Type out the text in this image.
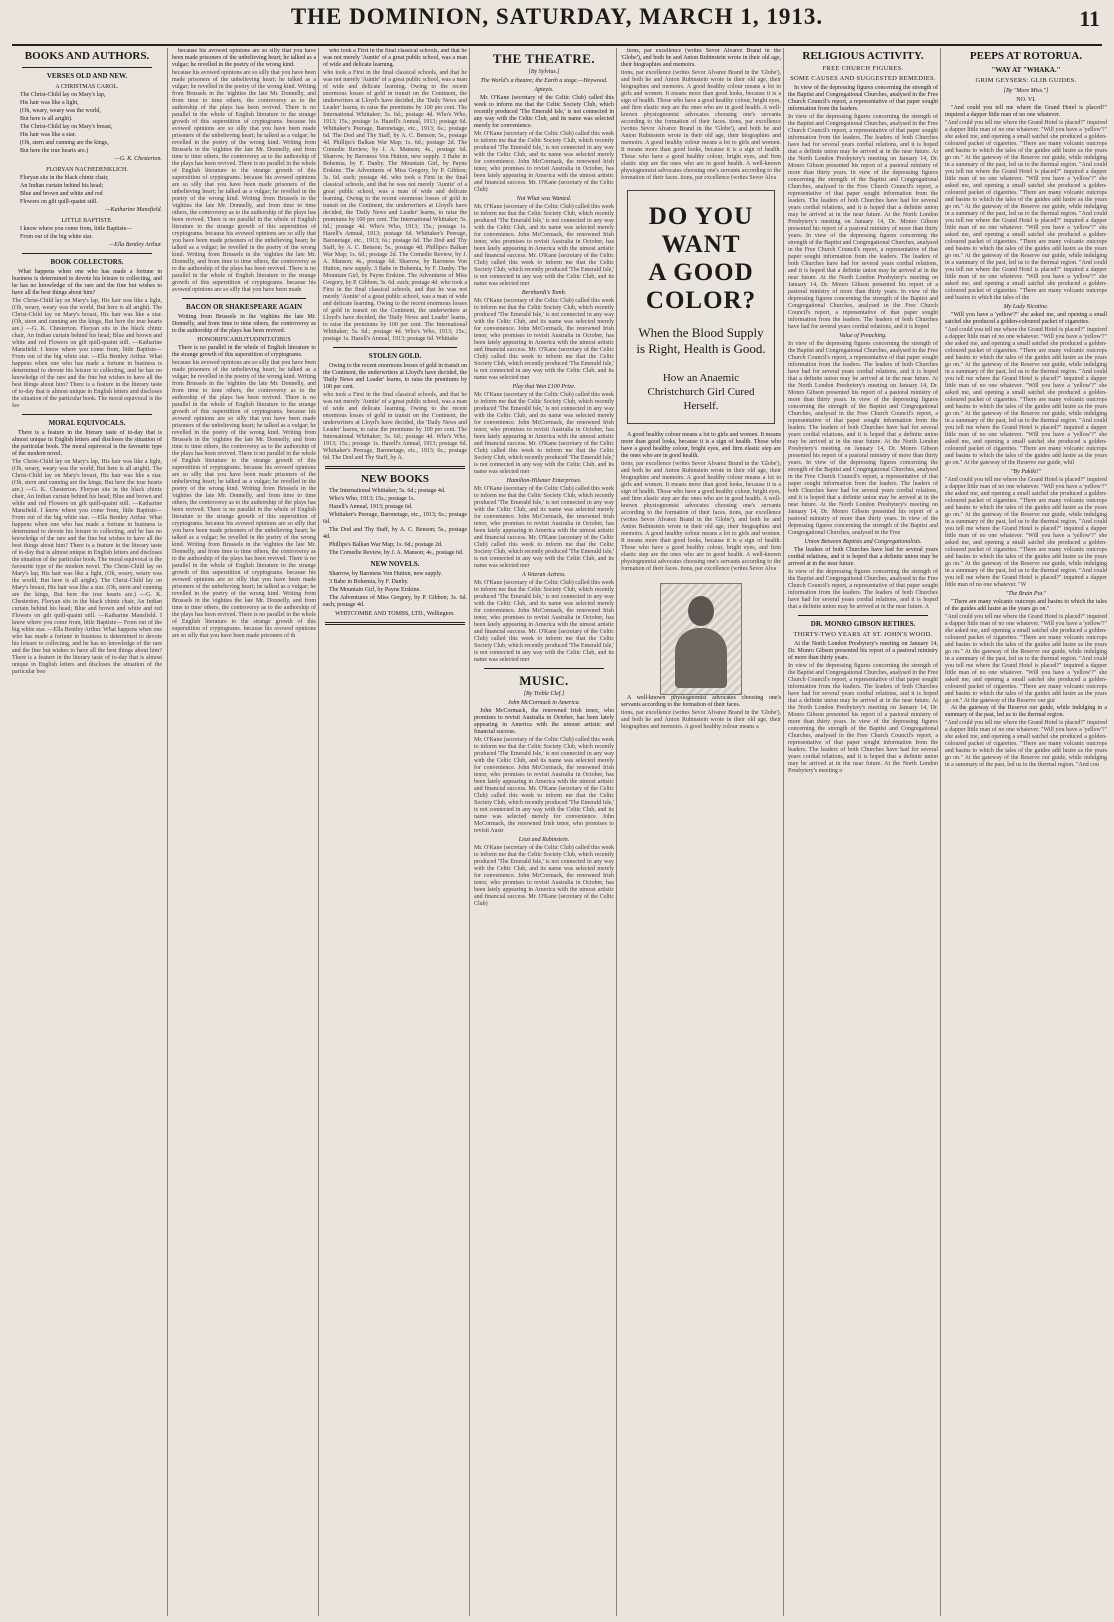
THE DOMINION, SATURDAY, MARCH 1, 1913.	11
BOOKS AND AUTHORS.
VERSES OLD AND NEW.
A CHRISTMAS CAROL.

The Christ-Child lay on Mary's lap,

His hair was like a light,

(Oh, weary, weary was the world,

But here is all aright).

The Christ-Child lay on Mary's breast,

His hair was like a star.

(Oh, stern and cunning are the kings,

But here the true hearts are.)

—G. K. Chesterton.

FLORYAN NACHEDENKLICH.

Floryan sits in the black chintz chair,

An Indian curtain behind his head;

Blue and brown and white and red

Flowers on gilt quill-quaint still.

—Katharine Mansfield.

LITTLE BAPTISTE.

I know where you come from, little Baptiste—

From out of the big white star.

—Ella Bentley Arthur.

BOOK COLLECTORS.

What happens when one who has made a fortune in business is determined to devote his leisure to collecting, and he has no knowledge of the rare and the fine but wishes to have all the best things about him?

The Christ-Child lay on Mary's lap, His hair was like a light, (Oh, weary, weary was the world, But here is all aright). The Christ-Child lay on Mary's breast, His hair was like a star. (Oh, stern and cunning are the kings, But here the true hearts are.) —G. K. Chesterton. Floryan sits in the black chintz chair, An Indian curtain behind his head; Blue and brown and white and red Flowers on gilt quill-quaint still. —Katharine Mansfield. I know where you come from, little Baptiste— From out of the big white star. —Ella Bentley Arthur. What happens when one who has made a fortune in business is determined to devote his leisure to collecting, and he has no knowledge of the rare and the fine but wishes to have all the best things about him? There is a feature in the literary taste of to-day that is almost unique in English letters and discloses the situation of the particular book. The moral equivocal is the fav
MORAL EQUIVOCALS.

There is a feature in the literary taste of to-day that is almost unique in English letters and discloses the situation of the particular book. The moral equivocal is the favourite type of the modern novel.

The Christ-Child lay on Mary's lap, His hair was like a light, (Oh, weary, weary was the world, But here is all aright). The Christ-Child lay on Mary's breast, His hair was like a star. (Oh, stern and cunning are the kings, But here the true hearts are.) —G. K. Chesterton. Floryan sits in the black chintz chair, An Indian curtain behind his head; Blue and brown and white and red Flowers on gilt quill-quaint still. —Katharine Mansfield. I know where you come from, little Baptiste— From out of the big white star. —Ella Bentley Arthur. What happens when one who has made a fortune in business is determined to devote his leisure to collecting, and he has no knowledge of the rare and the fine but wishes to have all the best things about him? There is a feature in the literary taste of to-day that is almost unique in English letters and discloses the situation of the particular book. The moral equivocal is the favourite type of the modern novel. The Christ-Child lay on Mary's lap, His hair was like a light, (Oh, weary, weary was the world, But here is all aright). The Christ-Child lay on Mary's breast, His hair was like a star. (Oh, stern and cunning are the kings, But here the true hearts are.) —G. K. Chesterton. Floryan sits in the black chintz chair, An Indian curtain behind his head; Blue and brown and white and red Flowers on gilt quill-quaint still. —Katharine Mansfield. I know where you come from, little Baptiste— From out of the big white star. —Ella Bentley Arthur. What happens when one who has made a fortune in business is determined to devote his leisure to collecting, and he has no knowledge of the rare and the fine but wishes to have all the best things about him? There is a feature in the literary taste of to-day that is almost unique in English letters and discloses the situation of the particular boo

because his avowed opinions are so silly that you have been made prisoners of the unbelieving heart; he talked as a vulgar; he revelled in the poetry of the wrong kind.

because his avowed opinions are so silly that you have been made prisoners of the unbelieving heart; he talked as a vulgar; he revelled in the poetry of the wrong kind. Writing from Brussels in the 'eighties the late Mr. Donnelly, and from time to time others, the controversy as to the authorship of the plays has been revived. There is no parallel in the whole of English literature to the strange growth of this superstition of cryptograms. because his avowed opinions are so silly that you have been made prisoners of the unbelieving heart; he talked as a vulgar; he revelled in the poetry of the wrong kind. Writing from Brussels in the 'eighties the late Mr. Donnelly, and from time to time others, the controversy as to the authorship of the plays has been revived. There is no parallel in the whole of English literature to the strange growth of this superstition of cryptograms. because his avowed opinions are so silly that you have been made prisoners of the unbelieving heart; he talked as a vulgar; he revelled in the poetry of the wrong kind. Writing from Brussels in the 'eighties the late Mr. Donnelly, and from time to time others, the controversy as to the authorship of the plays has been revived. There is no parallel in the whole of English literature to the strange growth of this superstition of cryptograms. because his avowed opinions are so silly that you have been made prisoners of the unbelieving heart; he talked as a vulgar; he revelled in the poetry of the wrong kind. Writing from Brussels in the 'eighties the late Mr. Donnelly, and from time to time others, the controversy as to the authorship of the plays has been revived. There is no parallel in the whole of English literature to the strange growth of this superstition of cryptograms. because his avowed opinions are so silly that you have been made
BACON OR SHAKESPEARE AGAIN

Writing from Brussels in the 'eighties the late Mr. Donnelly, and from time to time others, the controversy as to the authorship of the plays has been revived.

HONORIFICABILITUDINITATIBUS

There is no parallel in the whole of English literature to the strange growth of this superstition of cryptograms.

because his avowed opinions are so silly that you have been made prisoners of the unbelieving heart; he talked as a vulgar; he revelled in the poetry of the wrong kind. Writing from Brussels in the 'eighties the late Mr. Donnelly, and from time to time others, the controversy as to the authorship of the plays has been revived. There is no parallel in the whole of English literature to the strange growth of this superstition of cryptograms. because his avowed opinions are so silly that you have been made prisoners of the unbelieving heart; he talked as a vulgar; he revelled in the poetry of the wrong kind. Writing from Brussels in the 'eighties the late Mr. Donnelly, and from time to time others, the controversy as to the authorship of the plays has been revived. There is no parallel in the whole of English literature to the strange growth of this superstition of cryptograms. because his avowed opinions are so silly that you have been made prisoners of the unbelieving heart; he talked as a vulgar; he revelled in the poetry of the wrong kind. Writing from Brussels in the 'eighties the late Mr. Donnelly, and from time to time others, the controversy as to the authorship of the plays has been revived. There is no parallel in the whole of English literature to the strange growth of this superstition of cryptograms. because his avowed opinions are so silly that you have been made prisoners of the unbelieving heart; he talked as a vulgar; he revelled in the poetry of the wrong kind. Writing from Brussels in the 'eighties the late Mr. Donnelly, and from time to time others, the controversy as to the authorship of the plays has been revived. There is no parallel in the whole of English literature to the strange growth of this superstition of cryptograms. because his avowed opinions are so silly that you have been made prisoners of the unbelieving heart; he talked as a vulgar; he revelled in the poetry of the wrong kind. Writing from Brussels in the 'eighties the late Mr. Donnelly, and from time to time others, the controversy as to the authorship of the plays has been revived. There is no parallel in the whole of English literature to the strange growth of this superstition of cryptograms. because his avowed opinions are so silly that you have been made prisoners of th

who took a First in the final classical schools, and that he was not merely 'Auntie' of a great public school, was a man of wide and delicate learning.

who took a First in the final classical schools, and that he was not merely 'Auntie' of a great public school, was a man of wide and delicate learning. Owing to the recent enormous losses of gold in transit on the Continent, the underwriters at Lloyd's have decided, the 'Daily News and Leader' learns, to raise the premiums by 100 per cent. The International Whittaker; 5s. 6d.; postage 4d. Who's Who, 1913; 15s.; postage 1s. Hazell's Annual, 1913; postage 6d. Whittaker's Peerage, Baronetage, etc., 1913; 6s.; postage 6d. The Dod and Thy Staff, by A. C. Benson; 5s., postage 4d. Phillips's Balkan War Map; 1s. 6d.; postage 2d. The Comedie Review, by J. A. Manson; 4s., postage 6d. Sharrow, by Baroness Von Hutton, new supply. 3 Babe in Bohemia, by F. Danby. The Mountain Girl, by Payne Erskine. The Adventures of Miss Gregory, by P. Gibbon; 3s. 6d. each; postage 4d. who took a First in the final classical schools, and that he was not merely 'Auntie' of a great public school, was a man of wide and delicate learning. Owing to the recent enormous losses of gold in transit on the Continent, the underwriters at Lloyd's have decided, the 'Daily News and Leader' learns, to raise the premiums by 100 per cent. The International Whittaker; 5s. 6d.; postage 4d. Who's Who, 1913; 15s.; postage 1s. Hazell's Annual, 1913; postage 6d. Whittaker's Peerage, Baronetage, etc., 1913; 6s.; postage 6d. The Dod and Thy Staff, by A. C. Benson; 5s., postage 4d. Phillips's Balkan War Map; 1s. 6d.; postage 2d. The Comedie Review, by J. A. Manson; 4s., postage 6d. Sharrow, by Baroness Von Hutton, new supply. 3 Babe in Bohemia, by F. Danby. The Mountain Girl, by Payne Erskine. The Adventures of Miss Gregory, by P. Gibbon; 3s. 6d. each; postage 4d. who took a First in the final classical schools, and that he was not merely 'Auntie' of a great public school, was a man of wide and delicate learning. Owing to the recent enormous losses of gold in transit on the Continent, the underwriters at Lloyd's have decided, the 'Daily News and Leader' learns, to raise the premiums by 100 per cent. The International Whittaker; 5s. 6d.; postage 4d. Who's Who, 1913; 15s.; postage 1s. Hazell's Annual, 1913; postage 6d. Whittake
STOLEN GOLD.

Owing to the recent enormous losses of gold in transit on the Continent, the underwriters at Lloyd's have decided, the 'Daily News and Leader' learns, to raise the premiums by 100 per cent.

who took a First in the final classical schools, and that he was not merely 'Auntie' of a great public school, was a man of wide and delicate learning. Owing to the recent enormous losses of gold in transit on the Continent, the underwriters at Lloyd's have decided, the 'Daily News and Leader' learns, to raise the premiums by 100 per cent. The International Whittaker; 5s. 6d.; postage 4d. Who's Who, 1913; 15s.; postage 1s. Hazell's Annual, 1913; postage 6d. Whittaker's Peerage, Baronetage, etc., 1913; 6s.; postage 6d. The Dod and Thy Staff, by A.
NEW BOOKS

The International Whittaker; 5s. 6d.; postage 4d.

Who's Who, 1913; 15s.; postage 1s.

Hazell's Annual, 1913; postage 6d.

Whittaker's Peerage, Baronetage, etc., 1913; 6s.; postage 6d.

The Dod and Thy Staff, by A. C. Benson; 5s., postage 4d.

Phillips's Balkan War Map; 1s. 6d.; postage 2d.

The Comedie Review, by J. A. Manson; 4s., postage 6d.

NEW NOVELS.

Sharrow, by Baroness Von Hutton, new supply.

3 Babe in Bohemia, by F. Danby.

The Mountain Girl, by Payne Erskine.

The Adventures of Miss Gregory, by P. Gibbon; 3s. 6d. each; postage 4d.

WHITCOMBE AND TOMBS, LTD., Wellington.
THE THEATRE.
[By Sylvius.]
The World's a theatre; the Earth a stage.—Heywood.
Apteyis.

Mr. O'Kane (secretary of the Celtic Club) called this week to inform me that the Celtic Society Club, which recently produced 'The Emerald Isle,' is not connected in any way with the Celtic Club, and its name was selected merely for convenience.

Mr. O'Kane (secretary of the Celtic Club) called this week to inform me that the Celtic Society Club, which recently produced 'The Emerald Isle,' is not connected in any way with the Celtic Club, and its name was selected merely for convenience. John McCormack, the renowned Irish tenor, who promises to revisit Australia in October, has been lately appearing in America with the utmost artistic and financial success. Mr. O'Kane (secretary of the Celtic Club)
Not What was Wanted.
Mr. O'Kane (secretary of the Celtic Club) called this week to inform me that the Celtic Society Club, which recently produced 'The Emerald Isle,' is not connected in any way with the Celtic Club, and its name was selected merely for convenience. John McCormack, the renowned Irish tenor, who promises to revisit Australia in October, has been lately appearing in America with the utmost artistic and financial success. Mr. O'Kane (secretary of the Celtic Club) called this week to inform me that the Celtic Society Club, which recently produced 'The Emerald Isle,' is not connected in any way with the Celtic Club, and its name was selected mer
Bernhardt's Tomb.
Mr. O'Kane (secretary of the Celtic Club) called this week to inform me that the Celtic Society Club, which recently produced 'The Emerald Isle,' is not connected in any way with the Celtic Club, and its name was selected merely for convenience. John McCormack, the renowned Irish tenor, who promises to revisit Australia in October, has been lately appearing in America with the utmost artistic and financial success. Mr. O'Kane (secretary of the Celtic Club) called this week to inform me that the Celtic Society Club, which recently produced 'The Emerald Isle,' is not connected in any way with the Celtic Club, and its name was selected mer
Play that Won £100 Prize.
Mr. O'Kane (secretary of the Celtic Club) called this week to inform me that the Celtic Society Club, which recently produced 'The Emerald Isle,' is not connected in any way with the Celtic Club, and its name was selected merely for convenience. John McCormack, the renowned Irish tenor, who promises to revisit Australia in October, has been lately appearing in America with the utmost artistic and financial success. Mr. O'Kane (secretary of the Celtic Club) called this week to inform me that the Celtic Society Club, which recently produced 'The Emerald Isle,' is not connected in any way with the Celtic Club, and its name was selected mer
Hamilton-Hilsmer Enterprises.
Mr. O'Kane (secretary of the Celtic Club) called this week to inform me that the Celtic Society Club, which recently produced 'The Emerald Isle,' is not connected in any way with the Celtic Club, and its name was selected merely for convenience. John McCormack, the renowned Irish tenor, who promises to revisit Australia in October, has been lately appearing in America with the utmost artistic and financial success. Mr. O'Kane (secretary of the Celtic Club) called this week to inform me that the Celtic Society Club, which recently produced 'The Emerald Isle,' is not connected in any way with the Celtic Club, and its name was selected mer
A Veteran Actress.
Mr. O'Kane (secretary of the Celtic Club) called this week to inform me that the Celtic Society Club, which recently produced 'The Emerald Isle,' is not connected in any way with the Celtic Club, and its name was selected merely for convenience. John McCormack, the renowned Irish tenor, who promises to revisit Australia in October, has been lately appearing in America with the utmost artistic and financial success. Mr. O'Kane (secretary of the Celtic Club) called this week to inform me that the Celtic Society Club, which recently produced 'The Emerald Isle,' is not connected in any way with the Celtic Club, and its name was selected mer
MUSIC.
[By Treble Clef.]
John McCormack in America.

John McCormack, the renowned Irish tenor, who promises to revisit Australia in October, has been lately appearing in America with the utmost artistic and financial success.

Mr. O'Kane (secretary of the Celtic Club) called this week to inform me that the Celtic Society Club, which recently produced 'The Emerald Isle,' is not connected in any way with the Celtic Club, and its name was selected merely for convenience. John McCormack, the renowned Irish tenor, who promises to revisit Australia in October, has been lately appearing in America with the utmost artistic and financial success. Mr. O'Kane (secretary of the Celtic Club) called this week to inform me that the Celtic Society Club, which recently produced 'The Emerald Isle,' is not connected in any way with the Celtic Club, and its name was selected merely for convenience. John McCormack, the renowned Irish tenor, who promises to revisit Austr
Liszt and Rubinstein.
Mr. O'Kane (secretary of the Celtic Club) called this week to inform me that the Celtic Society Club, which recently produced 'The Emerald Isle,' is not connected in any way with the Celtic Club, and its name was selected merely for convenience. John McCormack, the renowned Irish tenor, who promises to revisit Australia in October, has been lately appearing in America with the utmost artistic and financial success. Mr. O'Kane (secretary of the Celtic Club)

tions, par excellence (writes Sevor Alvarez Brand in the 'Globe'), and both he and Anton Rubinstein wrote in their old age, their biographies and memoirs.

tions, par excellence (writes Sevor Alvarez Brand in the 'Globe'), and both he and Anton Rubinstein wrote in their old age, their biographies and memoirs. A good healthy colour means a lot to girls and women. It means more than good looks, because it is a sign of health. Those who have a good healthy colour, bright eyes, and firm elastic step are the ones who are in good health. A well-known physiognomist advocates choosing one's servants according to the formation of their faces. tions, par excellence (writes Sevor Alvarez Brand in the 'Globe'), and both he and Anton Rubinstein wrote in their old age, their biographies and memoirs. A good healthy colour means a lot to girls and women. It means more than good looks, because it is a sign of health. Those who have a good healthy colour, bright eyes, and firm elastic step are the ones who are in good health. A well-known physiognomist advocates choosing one's servants according to the formation of their faces. tions, par excellence (writes Sevor Alva
DO YOU WANT
A GOOD COLOR?
When the Blood Supply is Right, Health is Good.
How an Anaemic Christchurch Girl Cured Herself.

A good healthy colour means a lot to girls and women. It means more than good looks, because it is a sign of health. Those who have a good healthy colour, bright eyes, and firm elastic step are the ones who are in good health.

tions, par excellence (writes Sevor Alvarez Brand in the 'Globe'), and both he and Anton Rubinstein wrote in their old age, their biographies and memoirs. A good healthy colour means a lot to girls and women. It means more than good looks, because it is a sign of health. Those who have a good healthy colour, bright eyes, and firm elastic step are the ones who are in good health. A well-known physiognomist advocates choosing one's servants according to the formation of their faces. tions, par excellence (writes Sevor Alvarez Brand in the 'Globe'), and both he and Anton Rubinstein wrote in their old age, their biographies and memoirs. A good healthy colour means a lot to girls and women. It means more than good looks, because it is a sign of health. Those who have a good healthy colour, bright eyes, and firm elastic step are the ones who are in good health. A well-known physiognomist advocates choosing one's servants according to the formation of their faces. tions, par excellence (writes Sevor Alva

A well-known physiognomist advocates choosing one's servants according to the formation of their faces.

tions, par excellence (writes Sevor Alvarez Brand in the 'Globe'), and both he and Anton Rubinstein wrote in their old age, their biographies and memoirs. A good healthy colour means a
RELIGIOUS ACTIVITY.
FREE CHURCH FIGURES.
SOME CAUSES AND SUGGESTED REMEDIES.

In view of the depressing figures concerning the strength of the Baptist and Congregational Churches, analysed in the Free Church Council's report, a representative of that paper sought information from the leaders.

In view of the depressing figures concerning the strength of the Baptist and Congregational Churches, analysed in the Free Church Council's report, a representative of that paper sought information from the leaders. The leaders of both Churches have had for several years cordial relations, and it is hoped that a definite union may be arrived at in the near future. At the North London Presbytery's meeting on January 14, Dr. Monro Gibson presented his report of a pastoral ministry of more than thirty years. In view of the depressing figures concerning the strength of the Baptist and Congregational Churches, analysed in the Free Church Council's report, a representative of that paper sought information from the leaders. The leaders of both Churches have had for several years cordial relations, and it is hoped that a definite union may be arrived at in the near future. At the North London Presbytery's meeting on January 14, Dr. Monro Gibson presented his report of a pastoral ministry of more than thirty years. In view of the depressing figures concerning the strength of the Baptist and Congregational Churches, analysed in the Free Church Council's report, a representative of that paper sought information from the leaders. The leaders of both Churches have had for several years cordial relations, and it is hoped that a definite union may be arrived at in the near future. At the North London Presbytery's meeting on January 14, Dr. Monro Gibson presented his report of a pastoral ministry of more than thirty years. In view of the depressing figures concerning the strength of the Baptist and Congregational Churches, analysed in the Free Church Council's report, a representative of that paper sought information from the leaders. The leaders of both Churches have had for several years cordial relations, and it is hoped
Value of Preaching.
In view of the depressing figures concerning the strength of the Baptist and Congregational Churches, analysed in the Free Church Council's report, a representative of that paper sought information from the leaders. The leaders of both Churches have had for several years cordial relations, and it is hoped that a definite union may be arrived at in the near future. At the North London Presbytery's meeting on January 14, Dr. Monro Gibson presented his report of a pastoral ministry of more than thirty years. In view of the depressing figures concerning the strength of the Baptist and Congregational Churches, analysed in the Free Church Council's report, a representative of that paper sought information from the leaders. The leaders of both Churches have had for several years cordial relations, and it is hoped that a definite union may be arrived at in the near future. At the North London Presbytery's meeting on January 14, Dr. Monro Gibson presented his report of a pastoral ministry of more than thirty years. In view of the depressing figures concerning the strength of the Baptist and Congregational Churches, analysed in the Free Church Council's report, a representative of that paper sought information from the leaders. The leaders of both Churches have had for several years cordial relations, and it is hoped that a definite union may be arrived at in the near future. At the North London Presbytery's meeting on January 14, Dr. Monro Gibson presented his report of a pastoral ministry of more than thirty years. In view of the depressing figures concerning the strength of the Baptist and Congregational Churches, analysed in the Free
Union Between Baptists and Congregationalists.

The leaders of both Churches have had for several years cordial relations, and it is hoped that a definite union may be arrived at in the near future.

In view of the depressing figures concerning the strength of the Baptist and Congregational Churches, analysed in the Free Church Council's report, a representative of that paper sought information from the leaders. The leaders of both Churches have had for several years cordial relations, and it is hoped that a definite union may be arrived at in the near future. A
DR. MONRO GIBSON RETIRES.
THIRTY-TWO YEARS AT ST. JOHN'S WOOD.

At the North London Presbytery's meeting on January 14, Dr. Monro Gibson presented his report of a pastoral ministry of more than thirty years.

In view of the depressing figures concerning the strength of the Baptist and Congregational Churches, analysed in the Free Church Council's report, a representative of that paper sought information from the leaders. The leaders of both Churches have had for several years cordial relations, and it is hoped that a definite union may be arrived at in the near future. At the North London Presbytery's meeting on January 14, Dr. Monro Gibson presented his report of a pastoral ministry of more than thirty years. In view of the depressing figures concerning the strength of the Baptist and Congregational Churches, analysed in the Free Church Council's report, a representative of that paper sought information from the leaders. The leaders of both Churches have had for several years cordial relations, and it is hoped that a definite union may be arrived at in the near future. At the North London Presbytery's meeting o
PEEPS AT ROTORUA.
"WAY AT "WHAKA."
GRIM GEYSERS: GLIB GUIDES.
[By "More Miss."]
NO. VI.

"And could you tell me where the Grand Hotel is placed?" inquired a dapper little man of no one whatever.

"And could you tell me where the Grand Hotel is placed?" inquired a dapper little man of no one whatever. "Will you have a 'yellow'?" she asked me, and opening a small satchel she produced a golden-coloured packet of cigarettes. "There are many volcanic outcrops and basins to which the tales of the guides add lustre as the years go on." At the gateway of the Reserve our guide, while indulging in a summary of the past, led us to the thermal region. "And could you tell me where the Grand Hotel is placed?" inquired a dapper little man of no one whatever. "Will you have a 'yellow'?" she asked me, and opening a small satchel she produced a golden-coloured packet of cigarettes. "There are many volcanic outcrops and basins to which the tales of the guides add lustre as the years go on." At the gateway of the Reserve our guide, while indulging in a summary of the past, led us to the thermal region. "And could you tell me where the Grand Hotel is placed?" inquired a dapper little man of no one whatever. "Will you have a 'yellow'?" she asked me, and opening a small satchel she produced a golden-coloured packet of cigarettes. "There are many volcanic outcrops and basins to which the tales of the guides add lustre as the years go on." At the gateway of the Reserve our guide, while indulging in a summary of the past, led us to the thermal region. "And could you tell me where the Grand Hotel is placed?" inquired a dapper little man of no one whatever. "Will you have a 'yellow'?" she asked me, and opening a small satchel she produced a golden-coloured packet of cigarettes. "There are many volcanic outcrops and basins to which the tales of the
My Lady Nicotine.

"Will you have a 'yellow'?" she asked me, and opening a small satchel she produced a golden-coloured packet of cigarettes.

"And could you tell me where the Grand Hotel is placed?" inquired a dapper little man of no one whatever. "Will you have a 'yellow'?" she asked me, and opening a small satchel she produced a golden-coloured packet of cigarettes. "There are many volcanic outcrops and basins to which the tales of the guides add lustre as the years go on." At the gateway of the Reserve our guide, while indulging in a summary of the past, led us to the thermal region. "And could you tell me where the Grand Hotel is placed?" inquired a dapper little man of no one whatever. "Will you have a 'yellow'?" she asked me, and opening a small satchel she produced a golden-coloured packet of cigarettes. "There are many volcanic outcrops and basins to which the tales of the guides add lustre as the years go on." At the gateway of the Reserve our guide, while indulging in a summary of the past, led us to the thermal region. "And could you tell me where the Grand Hotel is placed?" inquired a dapper little man of no one whatever. "Will you have a 'yellow'?" she asked me, and opening a small satchel she produced a golden-coloured packet of cigarettes. "There are many volcanic outcrops and basins to which the tales of the guides add lustre as the years go on." At the gateway of the Reserve our guide, whil
"By Pakiki!"
"And could you tell me where the Grand Hotel is placed?" inquired a dapper little man of no one whatever. "Will you have a 'yellow'?" she asked me, and opening a small satchel she produced a golden-coloured packet of cigarettes. "There are many volcanic outcrops and basins to which the tales of the guides add lustre as the years go on." At the gateway of the Reserve our guide, while indulging in a summary of the past, led us to the thermal region. "And could you tell me where the Grand Hotel is placed?" inquired a dapper little man of no one whatever. "Will you have a 'yellow'?" she asked me, and opening a small satchel she produced a golden-coloured packet of cigarettes. "There are many volcanic outcrops and basins to which the tales of the guides add lustre as the years go on." At the gateway of the Reserve our guide, while indulging in a summary of the past, led us to the thermal region. "And could you tell me where the Grand Hotel is placed?" inquired a dapper little man of no one whatever. "W
"The Brain Pot."

"There are many volcanic outcrops and basins to which the tales of the guides add lustre as the years go on."

"And could you tell me where the Grand Hotel is placed?" inquired a dapper little man of no one whatever. "Will you have a 'yellow'?" she asked me, and opening a small satchel she produced a golden-coloured packet of cigarettes. "There are many volcanic outcrops and basins to which the tales of the guides add lustre as the years go on." At the gateway of the Reserve our guide, while indulging in a summary of the past, led us to the thermal region. "And could you tell me where the Grand Hotel is placed?" inquired a dapper little man of no one whatever. "Will you have a 'yellow'?" she asked me, and opening a small satchel she produced a golden-coloured packet of cigarettes. "There are many volcanic outcrops and basins to which the tales of the guides add lustre as the years go on." At the gateway of the Reserve our gui

At the gateway of the Reserve our guide, while indulging in a summary of the past, led us to the thermal region.

"And could you tell me where the Grand Hotel is placed?" inquired a dapper little man of no one whatever. "Will you have a 'yellow'?" she asked me, and opening a small satchel she produced a golden-coloured packet of cigarettes. "There are many volcanic outcrops and basins to which the tales of the guides add lustre as the years go on." At the gateway of the Reserve our guide, while indulging in a summary of the past, led us to the thermal region. "And cou
